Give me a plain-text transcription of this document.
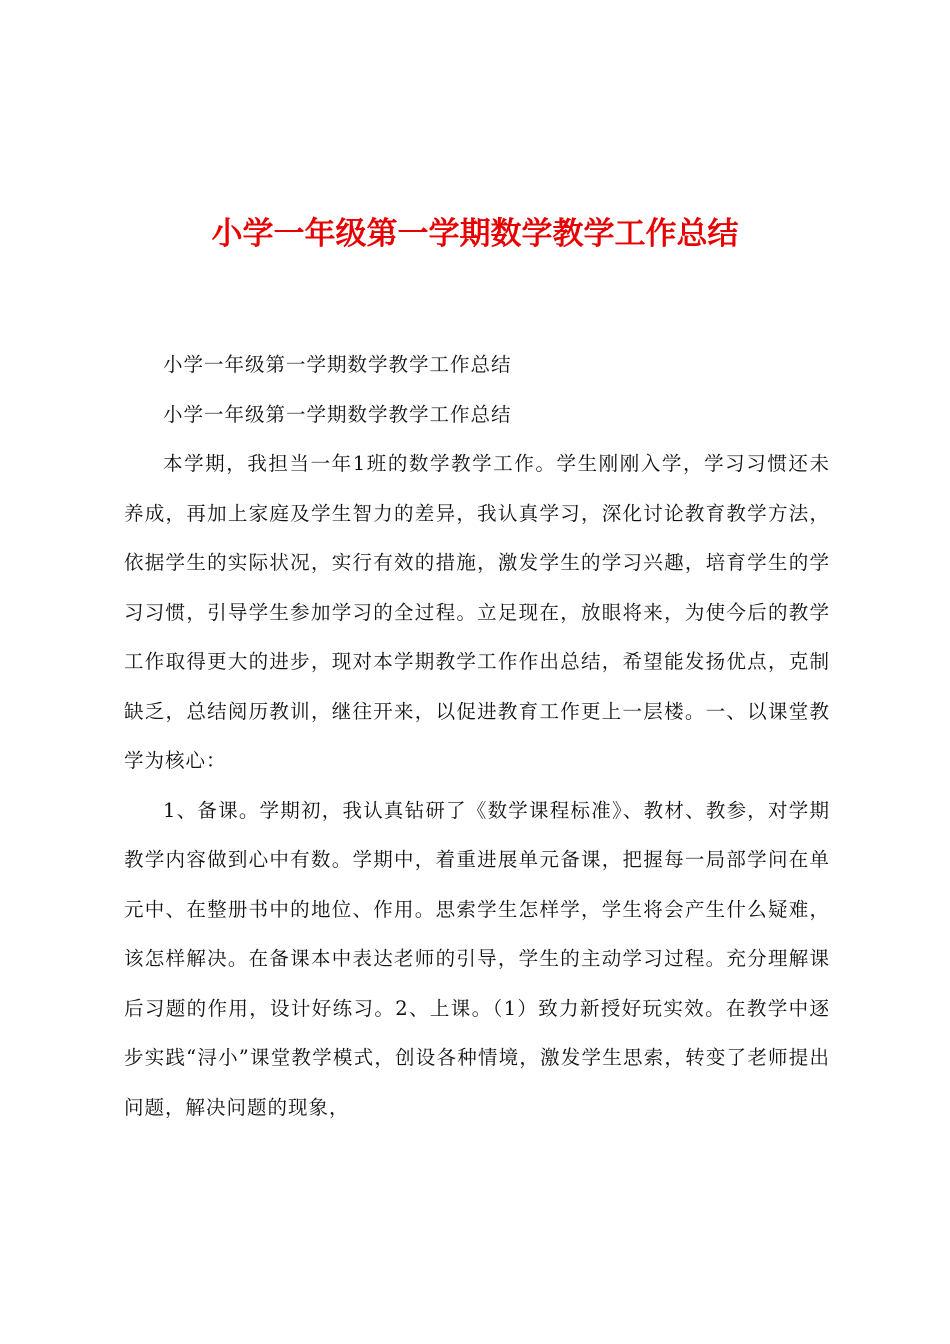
小学一年级第一学期数学教学工作总结

小学一年级第一学期数学教学工作总结

小学一年级第一学期数学教学工作总结

本学期，我担当一年1班的数学教学工作。学生刚刚入学，学习习惯还未养成，再加上家庭及学生智力的差异，我认真学习，深化讨论教育教学方法，依据学生的实际状况，实行有效的措施，激发学生的学习兴趣，培育学生的学习习惯，引导学生参加学习的全过程。立足现在，放眼将来，为使今后的教学工作取得更大的进步，现对本学期教学工作作出总结，希望能发扬优点，克制缺乏，总结阅历教训，继往开来，以促进教育工作更上一层楼。一、以课堂教学为核心：

1、备课。学期初，我认真钻研了《数学课程标准》、教材、教参，对学期教学内容做到心中有数。学期中，着重进展单元备课，把握每一局部学问在单元中、在整册书中的地位、作用。思索学生怎样学，学生将会产生什么疑难，该怎样解决。在备课本中表达老师的引导，学生的主动学习过程。充分理解课后习题的作用，设计好练习。2、上课。（1）致力新授好玩实效。在教学中逐步实践“浔小”课堂教学模式，创设各种情境，激发学生思索，转变了老师提出问题，解决问题的现象，
